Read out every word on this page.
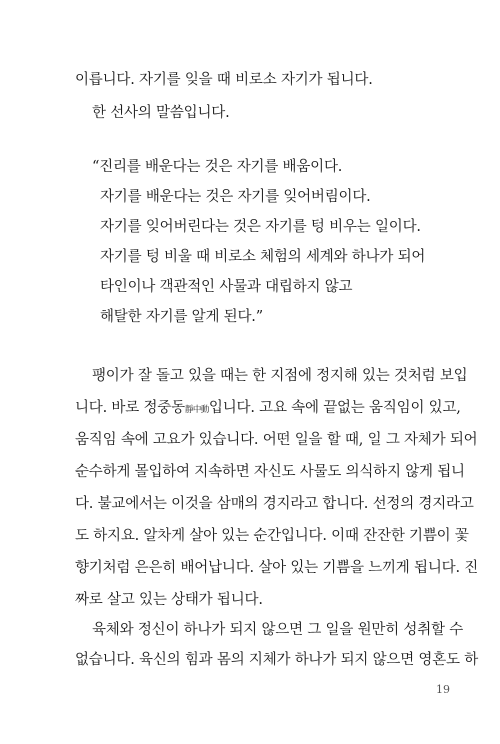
이릅니다. 자기를 잊을 때 비로소 자기가 됩니다.
한 선사의 말씀입니다.
“진리를 배운다는 것은 자기를 배움이다.
자기를 배운다는 것은 자기를 잊어버림이다.
자기를 잊어버린다는 것은 자기를 텅 비우는 일이다.
자기를 텅 비울 때 비로소 체험의 세계와 하나가 되어
타인이나 객관적인 사물과 대립하지 않고
해탈한 자기를 알게 된다.”
팽이가 잘 돌고 있을 때는 한 지점에 정지해 있는 것처럼 보입
니다. 바로 정중동靜中動입니다. 고요 속에 끝없는 움직임이 있고,
움직임 속에 고요가 있습니다. 어떤 일을 할 때, 일 그 자체가 되어
순수하게 몰입하여 지속하면 자신도 사물도 의식하지 않게 됩니
다. 불교에서는 이것을 삼매의 경지라고 합니다. 선정의 경지라고
도 하지요. 알차게 살아 있는 순간입니다. 이때 잔잔한 기쁨이 꽃
향기처럼 은은히 배어납니다. 살아 있는 기쁨을 느끼게 됩니다. 진
짜로 살고 있는 상태가 됩니다.
육체와 정신이 하나가 되지 않으면 그 일을 원만히 성취할 수
없습니다. 육신의 힘과 몸의 지체가 하나가 되지 않으면 영혼도 하
19
